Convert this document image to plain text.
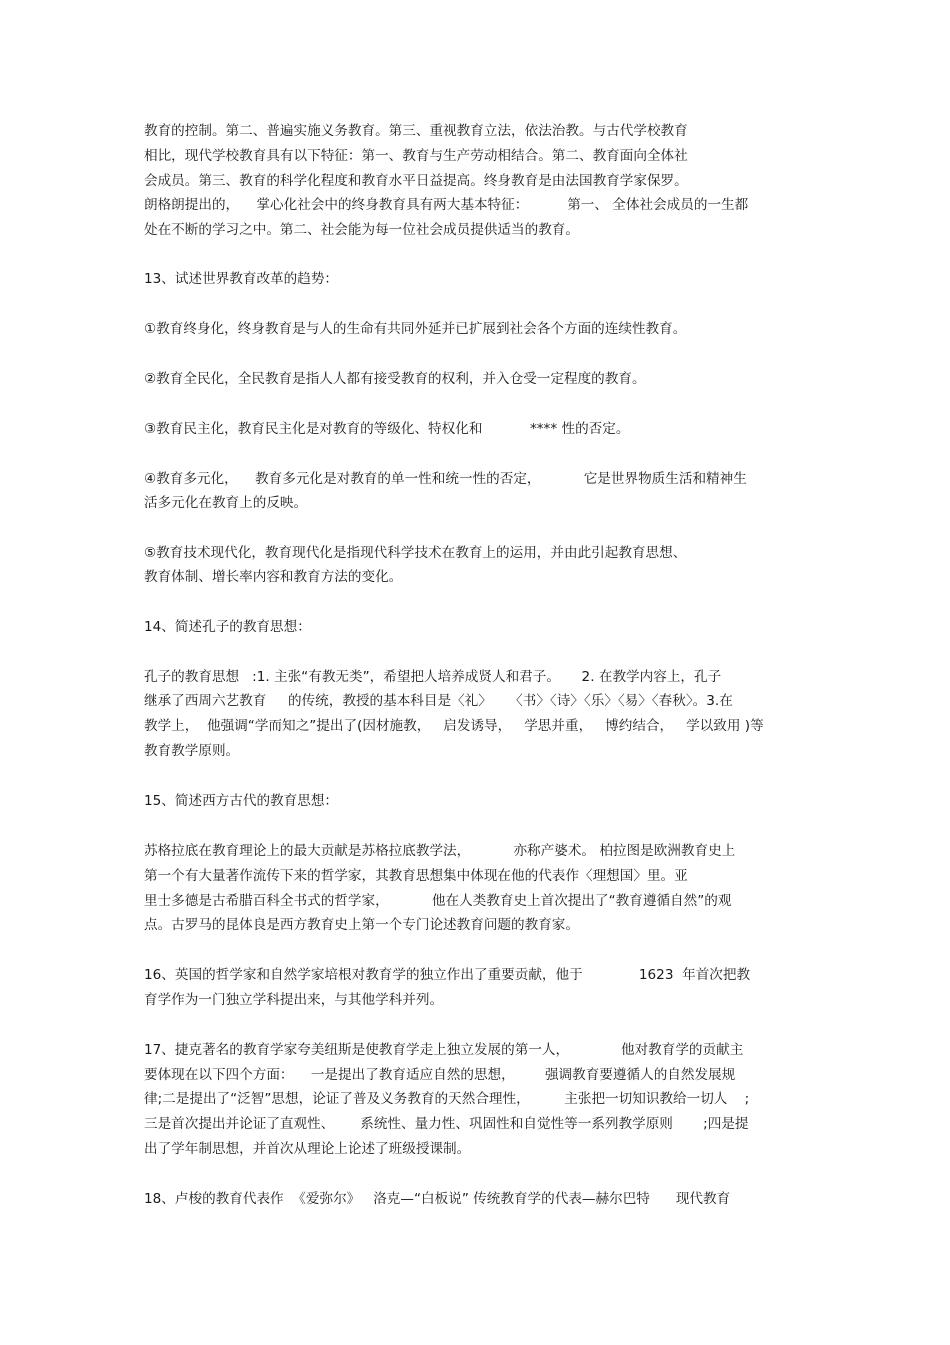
教育的控制。第二、普遍实施义务教育。第三、重视教育立法，依法治教。与古代学校教育

相比，现代学校教育具有以下特征：第一、教育与生产劳动相结合。第二、教育面向全体社

会成员。第三、教育的科学化程度和教育水平日益提高。终身教育是由法国教育学家保罗。

朗格朗提出的，    掌心化社会中的终身教育具有两大基本特征：         第一、 全体社会成员的一生都

处在不断的学习之中。第二、社会能为每一位社会成员提供适当的教育。

13、试述世界教育改革的趋势：

①教育终身化，终身教育是与人的生命有共同外延并已扩展到社会各个方面的连续性教育。

②教育全民化，全民教育是指人人都有接受教育的权利，并入仓受一定程度的教育。

③教育民主化，教育民主化是对教育的等级化、特权化和           **** 性的否定。

④教育多元化，    教育多元化是对教育的单一性和统一性的否定，          它是世界物质生活和精神生

活多元化在教育上的反映。

⑤教育技术现代化，教育现代化是指现代科学技术在教育上的运用，并由此引起教育思想、

教育体制、增长率内容和教育方法的变化。

14、简述孔子的教育思想：

孔子的教育思想   :1. 主张“有教无类”，希望把人培养成贤人和君子。     2. 在教学内容上，孔子

继承了西周六艺教育     的传统，教授的基本科目是〈礼〉    〈书〉〈诗〉〈乐〉〈易〉〈春秋〉。3.在

教学上，  他强调“学而知之”提出了(因材施教，   启发诱导，   学思并重，   博约结合，   学以致用 )等

教育教学原则。

15、简述西方古代的教育思想：

苏格拉底在教育理论上的最大贡献是苏格拉底教学法，          亦称产婆术。 柏拉图是欧洲教育史上

第一个有大量著作流传下来的哲学家，其教育思想集中体现在他的代表作〈理想国〉里。亚

里士多德是古希腊百科全书式的哲学家，          他在人类教育史上首次提出了“教育遵循自然”的观

点。古罗马的昆体良是西方教育史上第一个专门论述教育问题的教育家。

16、英国的哲学家和自然学家培根对教育学的独立作出了重要贡献，他于             1623  年首次把教

育学作为一门独立学科提出来，与其他学科并列。

17、捷克著名的教育学家夸美纽斯是使教育学走上独立发展的第一人，            他对教育学的贡献主

要体现在以下四个方面：    一是提出了教育适应自然的思想，       强调教育要遵循人的自然发展规

律;二是提出了“泛智”思想，论证了普及义务教育的天然合理性，        主张把一切知识教给一切人    ;

三是首次提出并论证了直观性、      系统性、量力性、巩固性和自觉性等一系列教学原则       ;四是提

出了学年制思想，并首次从理论上论述了班级授课制。

18、卢梭的教育代表作  《爱弥尔》   洛克—“白板说” 传统教育学的代表—赫尔巴特      现代教育
